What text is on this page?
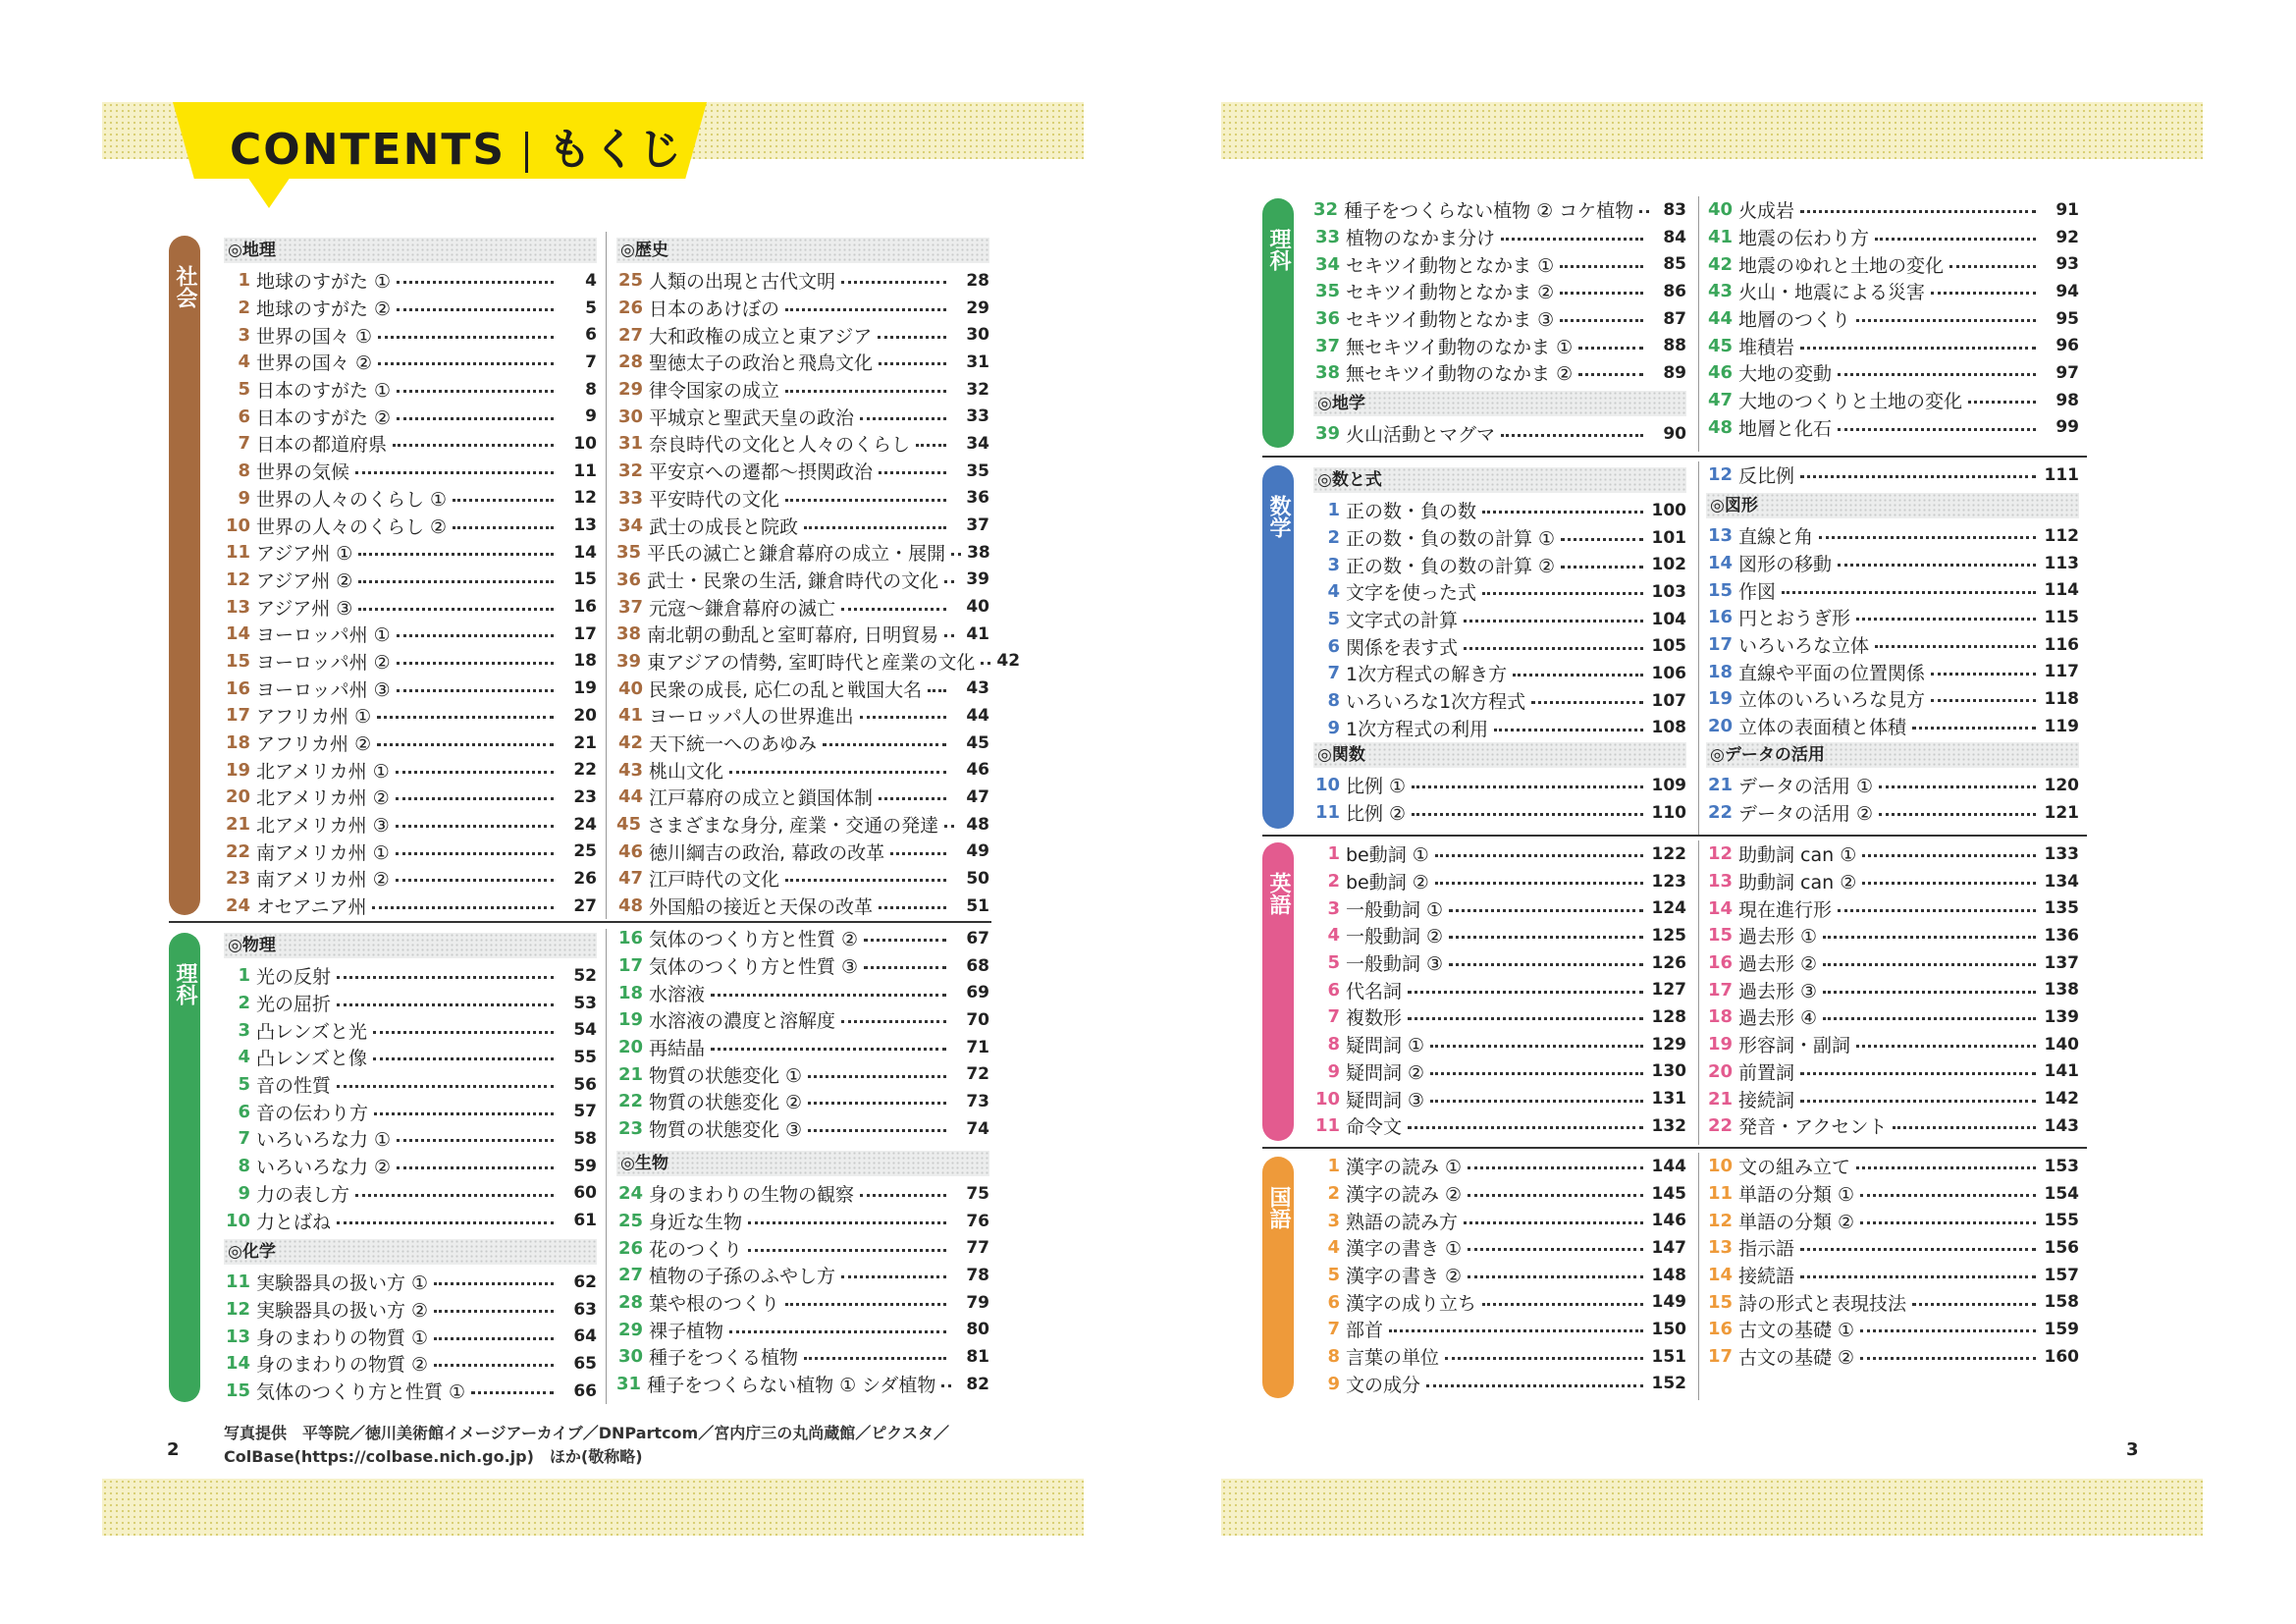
CONTENTS もくじ
社会
理科
理科
数学
英語
国語
◎地理
1 地球のすがた ①	4
2 地球のすがた ②	5
3 世界の国々 ①	6
4 世界の国々 ②	7
5 日本のすがた ①	8
6 日本のすがた ②	9
7 日本の都道府県	10
8 世界の気候	11
9 世界の人々のくらし ①	12
10 世界の人々のくらし ②	13
11 アジア州 ①	14
12 アジア州 ②	15
13 アジア州 ③	16
14 ヨーロッパ州 ①	17
15 ヨーロッパ州 ②	18
16 ヨーロッパ州 ③	19
17 アフリカ州 ①	20
18 アフリカ州 ②	21
19 北アメリカ州 ①	22
20 北アメリカ州 ②	23
21 北アメリカ州 ③	24
22 南アメリカ州 ①	25
23 南アメリカ州 ②	26
24 オセアニア州	27
◎歴史
25 人類の出現と古代文明	28
26 日本のあけぼの	29
27 大和政権の成立と東アジア	30
28 聖徳太子の政治と飛鳥文化	31
29 律令国家の成立	32
30 平城京と聖武天皇の政治	33
31 奈良時代の文化と人々のくらし	34
32 平安京への遷都～摂関政治	35
33 平安時代の文化	36
34 武士の成長と院政	37
35 平氏の滅亡と鎌倉幕府の成立・展開 38
36 武士・民衆の生活, 鎌倉時代の文化	39
37 元寇～鎌倉幕府の滅亡	40
38 南北朝の動乱と室町幕府, 日明貿易	41
39 東アジアの情勢, 室町時代と産業の文化 42
40 民衆の成長, 応仁の乱と戦国大名	43
41 ヨーロッパ人の世界進出	44
42 天下統一へのあゆみ	45
43 桃山文化	46
44 江戸幕府の成立と鎖国体制	47
45 さまざまな身分, 産業・交通の発達	48
46 徳川綱吉の政治, 幕政の改革	49
47 江戸時代の文化	50
48 外国船の接近と天保の改革	51
◎物理
1 光の反射	52
2 光の屈折	53
3 凸レンズと光	54
4 凸レンズと像	55
5 音の性質	56
6 音の伝わり方	57
7 いろいろな力 ①	58
8 いろいろな力 ②	59
9 力の表し方	60
10 力とばね	61
◎化学
11 実験器具の扱い方 ①	62
12 実験器具の扱い方 ②	63
13 身のまわりの物質 ①	64
14 身のまわりの物質 ②	65
15 気体のつくり方と性質 ①	66
16 気体のつくり方と性質 ②	67
17 気体のつくり方と性質 ③	68
18 水溶液	69
19 水溶液の濃度と溶解度	70
20 再結晶	71
21 物質の状態変化 ①	72
22 物質の状態変化 ②	73
23 物質の状態変化 ③	74
◎生物
24 身のまわりの生物の観察	75
25 身近な生物	76
26 花のつくり	77
27 植物の子孫のふやし方	78
28 葉や根のつくり	79
29 裸子植物	80
30 種子をつくる植物	81
31 種子をつくらない植物 ① シダ植物	82
32 種子をつくらない植物 ② コケ植物	83
33 植物のなかま分け	84
34 セキツイ動物となかま ①	85
35 セキツイ動物となかま ②	86
36 セキツイ動物となかま ③	87
37 無セキツイ動物のなかま ①	88
38 無セキツイ動物のなかま ②	89
◎地学
39 火山活動とマグマ	90
40 火成岩	91
41 地震の伝わり方	92
42 地震のゆれと土地の変化	93
43 火山・地震による災害	94
44 地層のつくり	95
45 堆積岩	96
46 大地の変動	97
47 大地のつくりと土地の変化	98
48 地層と化石	99
◎数と式
1 正の数・負の数	100
2 正の数・負の数の計算 ①	101
3 正の数・負の数の計算 ②	102
4 文字を使った式	103
5 文字式の計算	104
6 関係を表す式	105
7 1次方程式の解き方	106
8 いろいろな1次方程式	107
9 1次方程式の利用	108
◎関数
10 比例 ①	109
11 比例 ②	110
12 反比例	111
◎図形
13 直線と角	112
14 図形の移動	113
15 作図	114
16 円とおうぎ形	115
17 いろいろな立体	116
18 直線や平面の位置関係	117
19 立体のいろいろな見方	118
20 立体の表面積と体積	119
◎データの活用
21 データの活用 ①	120
22 データの活用 ②	121
1 be動詞 ①	122
2 be動詞 ②	123
3 一般動詞 ①	124
4 一般動詞 ②	125
5 一般動詞 ③	126
6 代名詞	127
7 複数形	128
8 疑問詞 ①	129
9 疑問詞 ②	130
10 疑問詞 ③	131
11 命令文	132
12 助動詞 can ①	133
13 助動詞 can ②	134
14 現在進行形	135
15 過去形 ①	136
16 過去形 ②	137
17 過去形 ③	138
18 過去形 ④	139
19 形容詞・副詞	140
20 前置詞	141
21 接続詞	142
22 発音・アクセント	143
1 漢字の読み ①	144
2 漢字の読み ②	145
3 熟語の読み方	146
4 漢字の書き ①	147
5 漢字の書き ②	148
6 漢字の成り立ち	149
7 部首	150
8 言葉の単位	151
9 文の成分	152
10 文の組み立て	153
11 単語の分類 ①	154
12 単語の分類 ②	155
13 指示語	156
14 接続語	157
15 詩の形式と表現技法	158
16 古文の基礎 ①	159
17 古文の基礎 ②	160
2	3
写真提供　平等院／徳川美術館イメージアーカイブ／DNPartcom／宮内庁三の丸尚蔵館／ピクスタ／
ColBase(https://colbase.nich.go.jp)　ほか(敬称略)
